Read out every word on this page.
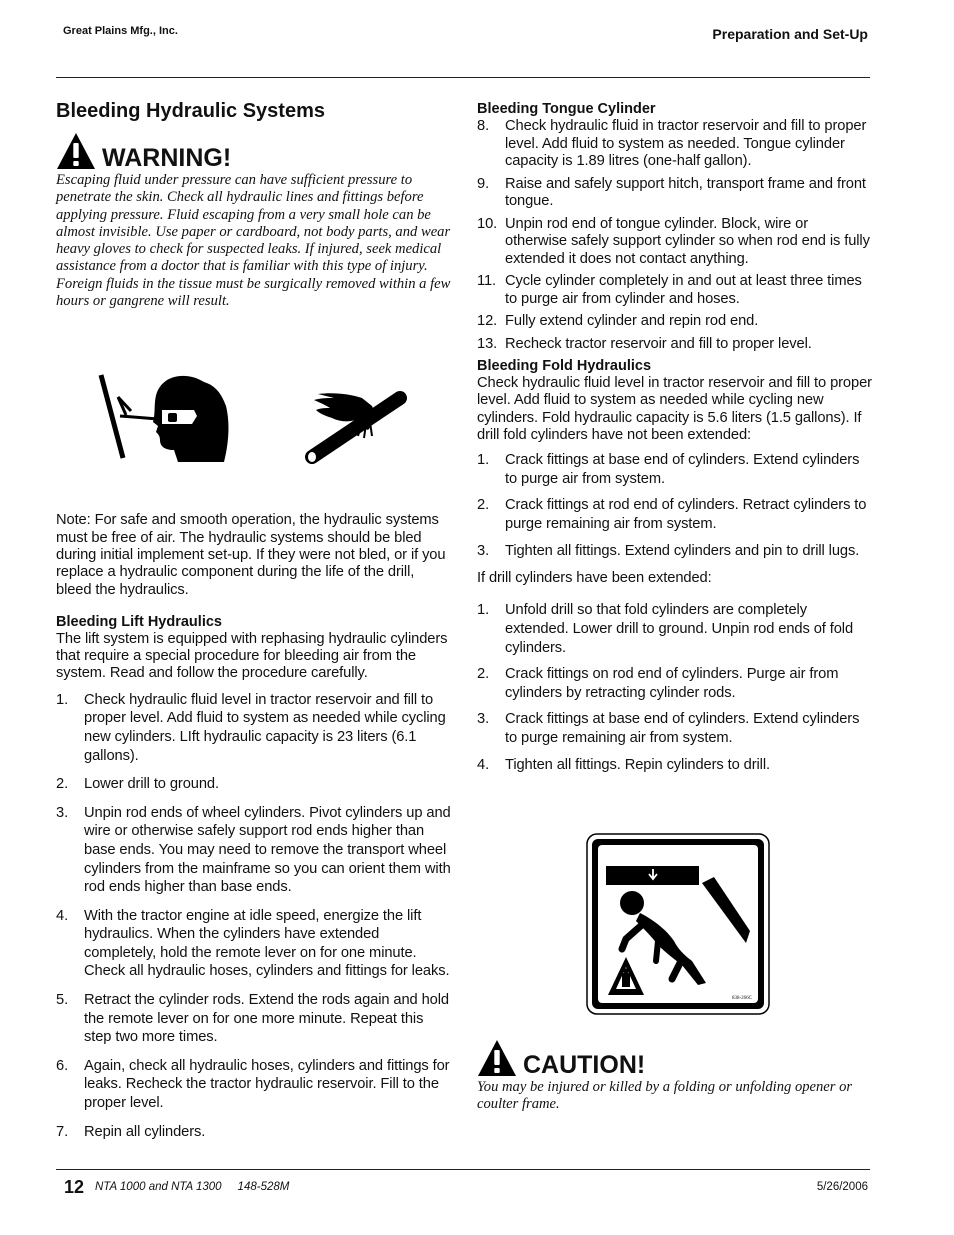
Great Plains Mfg., Inc.	Preparation and Set-Up
Bleeding Hydraulic Systems
WARNING!

Escaping fluid under pressure can have sufficient pressure to penetrate the skin. Check all hydraulic lines and fittings before applying pressure. Fluid escaping from a very small hole can be almost invisible. Use paper or cardboard, not body parts, and wear heavy gloves to check for suspected leaks. If injured, seek medical assistance from a doctor that is familiar with this type of injury. Foreign fluids in the tissue must be surgically removed within a few hours or gangrene will result.

Note: For safe and smooth operation, the hydraulic systems must be free of air. The hydraulic systems should be bled during initial implement set-up. If they were not bled, or if you replace a hydraulic component during the life of the drill, bleed the hydraulics.

Bleeding Lift Hydraulics

The lift system is equipped with rephasing hydraulic cylinders that require a special procedure for bleeding air from the system. Read and follow the procedure carefully.

1.	Check hydraulic fluid level in tractor reservoir and fill to proper level. Add fluid to system as needed while cycling new cylinders. LIft hydraulic capacity is 23 liters (6.1 gallons).
2.	Lower drill to ground.
3.	Unpin rod ends of wheel cylinders. Pivot cylinders up and wire or otherwise safely support rod ends higher than base ends. You may need to remove the transport wheel cylinders from the mainframe so you can orient them with rod ends higher than base ends.
4.	With the tractor engine at idle speed, energize the lift hydraulics. When the cylinders have extended completely, hold the remote lever on for one minute. Check all hydraulic hoses, cylinders and fittings for leaks.
5.	Retract the cylinder rods. Extend the rods again and hold the remote lever on for one more minute. Repeat this step two more times.
6.	Again, check all hydraulic hoses, cylinders and fittings for leaks. Recheck the tractor hydraulic reservoir. Fill to the proper level.
7.	Repin all cylinders.
Bleeding Tongue Cylinder
8.	Check hydraulic fluid in tractor reservoir and fill to proper level. Add fluid to system as needed. Tongue cylinder capacity is 1.89 litres (one-half gallon).
9.	Raise and safely support hitch, transport frame and front tongue.
10. Unpin rod end of tongue cylinder. Block, wire or otherwise safely support cylinder so when rod end is fully extended it does not contact anything.
11. Cycle cylinder completely in and out at least three times to purge air from cylinder and hoses.
12. Fully extend cylinder and repin rod end.
13. Recheck tractor reservoir and fill to proper level.
Bleeding Fold Hydraulics

Check hydraulic fluid level in tractor reservoir and fill to proper level. Add fluid to system as needed while cycling new cylinders. Fold hydraulic capacity is 5.6 liters (1.5 gallons). If drill fold cylinders have not been extended:

1.	Crack fittings at base end of cylinders. Extend cylinders to purge air from system.
2.	Crack fittings at rod end of cylinders. Retract cylinders to purge remaining air from system.
3.	Tighten all fittings. Extend cylinders and pin to drill lugs.

If drill cylinders have been extended:

1.	Unfold drill so that fold cylinders are completely extended. Lower drill to ground. Unpin rod ends of fold cylinders.
2.	Crack fittings on rod end of cylinders. Purge air from cylinders by retracting cylinder rods.
3.	Crack fittings at base end of cylinders. Extend cylinders to purge remaining air from system.
4.	Tighten all fittings. Repin cylinders to drill.
838-266C
CAUTION!

You may be injured or killed by a folding or unfolding opener or coulter frame.

12 NTA 1000 and NTA 1300     148-528M	5/26/2006
